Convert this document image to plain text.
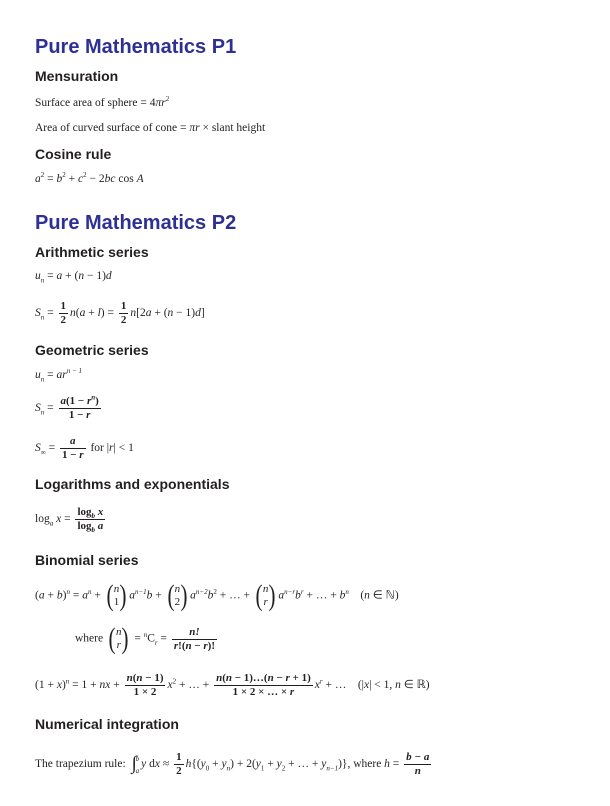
Pure Mathematics P1
Mensuration
Surface area of sphere = $4\pi r^2$
Area of curved surface of cone = πr × slant height
Cosine rule
$a^2 = b^2 + c^2 - 2bc$ cos A
Pure Mathematics P2
Arithmetic series
$u_n = a + (n - 1)d$
$S_n = \frac{1}{2} n(a + l) = \frac{1}{2} n[2a + (n - 1)d]$
Geometric series
$u_n = ar^{n - 1}$
$S_n = \frac{a(1 - r^n)}{1 - r}$
$S_\infty = \frac{a}{1 - r}$ for |r| < 1
Logarithms and exponentials
$\log_a x = \frac{\log_b x}{\log_b a}$
Binomial series
$(a + b)^n = a^n$ + ( n
1 ) $a^{n-1}b$ + ( n
2 ) $a^{n-2}b^2$ + … + ( n
r ) $a^{n-r}b^r$ + … + $b^n$    (n ∈ ℕ)
where ( n
r ) = $^nC_r = \frac{n!}{r!(n - r)!}$
$(1 + x)^n = 1$ + nx + $\frac{n(n - 1)}{1 \times 2} x^2$ + … + $\frac{n(n - 1)\dots(n - r + 1)}{1 \times 2 \times \dots \times r} x^r$ + …    (|x| < 1, n ∈ ℝ)
Numerical integration
The trapezium rule: ∫ b
a
y dx ≈ $\frac{1}{2} h\{(y_0 + y_n) + 2(y_1 + y_2$ + … + $y_{n-1}$)}, where $h = \frac{b - a}{n}$
